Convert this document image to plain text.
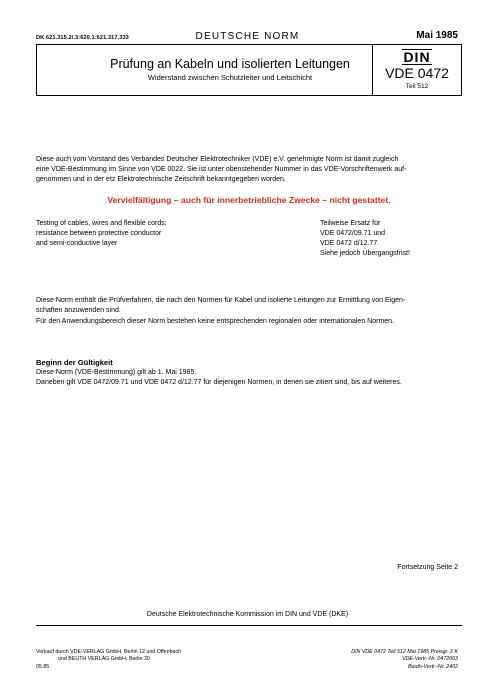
DK 621.315.2/.3:620.1:621.317.333	DEUTSCHE NORM	Mai 1985
Prüfung an Kabeln und isolierten Leitungen
Widerstand zwischen Schutzleiter und Leitschicht
DIN
VDE 0472
Teil 512
Diese auch vom Vorstand des Verbandes Deutscher Elektrotechniker (VDE) e.V. genehmigte Norm ist damit zugleich
eine VDE-Bestimmung im Sinne von VDE 0022. Sie ist unter obenstehender Nummer in das VDE-Vorschriftenwerk auf-
genommen und in der etz Elektrotechnische Zeitschrift bekanntgegeben worden.
Vervielfältigung – auch für innerbetriebliche Zwecke – nicht gestattet.
Testing of cables, wires and flexible cords;
resistance between protective conductor
and semi-conductive layer
Teilweise Ersatz für
VDE 0472/09.71 und
VDE 0472 d/12.77
Siehe jedoch Übergangsfrist!
Diese Norm enthält die Prüfverfahren, die nach den Normen für Kabel und isolierte Leitungen zur Ermittlung von Eigen-
schaften anzuwenden sind.
Für den Anwendungsbereich dieser Norm bestehen keine entsprechenden regionalen oder internationalen Normen.
Beginn der Gültigkeit
Diese Norm (VDE-Bestimmung) gilt ab 1. Mai 1985.
Daneben gilt VDE 0472/09.71 und VDE 0472 d/12.77 für diejenigen Normen, in denen sie zitiert sind, bis auf weiteres.
Fortsetzung Seite 2
Deutsche Elektrotechnische Kommission im DIN und VDE (DKE)
Verkauf durch VDE-VERLAG GmbH, Berlin 12 und Offenbach
und BEUTH VERLAG GmbH, Berlin 30
05.85
DIN VDE 0472 Teil 512 Mai 1985 Preisgr. 2 K
VDE-Vertr.-Nr. 0472063
Beuth-Vertr.-Nr. 2402
